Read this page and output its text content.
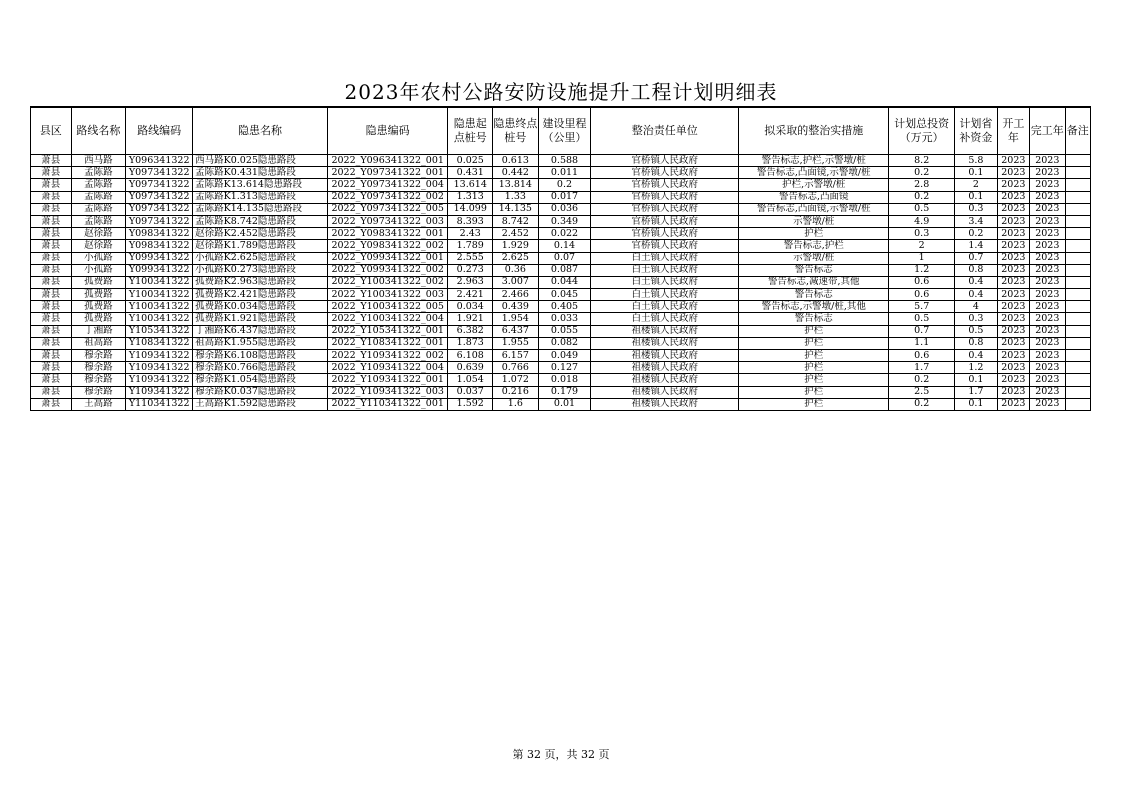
2023年农村公路安防设施提升工程计划明细表
县区	路线名称	路线编码	隐患名称	隐患编码	隐患起点桩号	隐患终点桩号	建设里程（公里）	整治责任单位	拟采取的整治实措施	计划总投资（万元）	计划省补资金	开工年	完工年	备注
萧县	西马路	Y096341322	西马路K0.025隐患路段	2022_Y096341322_001	0.025	0.613	0.588	官桥镇人民政府	警告标志,护栏,示警墩/桩	8.2	5.8	2023	2023	
萧县	孟陈路	Y097341322	孟陈路K0.431隐患路段	2022_Y097341322_001	0.431	0.442	0.011	官桥镇人民政府	警告标志,凸面镜,示警墩/桩	0.2	0.1	2023	2023	
萧县	孟陈路	Y097341322	孟陈路K13.614隐患路段	2022_Y097341322_004	13.614	13.814	0.2	官桥镇人民政府	护栏,示警墩/桩	2.8	2	2023	2023	
萧县	孟陈路	Y097341322	孟陈路K1.313隐患路段	2022_Y097341322_002	1.313	1.33	0.017	官桥镇人民政府	警告标志,凸面镜	0.2	0.1	2023	2023	
萧县	孟陈路	Y097341322	孟陈路K14.135隐患路段	2022_Y097341322_005	14.099	14.135	0.036	官桥镇人民政府	警告标志,凸面镜,示警墩/桩	0.5	0.3	2023	2023	
萧县	孟陈路	Y097341322	孟陈路K8.742隐患路段	2022_Y097341322_003	8.393	8.742	0.349	官桥镇人民政府	示警墩/桩	4.9	3.4	2023	2023	
萧县	赵徐路	Y098341322	赵徐路K2.452隐患路段	2022_Y098341322_001	2.43	2.452	0.022	官桥镇人民政府	护栏	0.3	0.2	2023	2023	
萧县	赵徐路	Y098341322	赵徐路K1.789隐患路段	2022_Y098341322_002	1.789	1.929	0.14	官桥镇人民政府	警告标志,护栏	2	1.4	2023	2023	
萧县	小孤路	Y099341322	小孤路K2.625隐患路段	2022_Y099341322_001	2.555	2.625	0.07	白土镇人民政府	示警墩/桩	1	0.7	2023	2023	
萧县	小孤路	Y099341322	小孤路K0.273隐患路段	2022_Y099341322_002	0.273	0.36	0.087	白土镇人民政府	警告标志	1.2	0.8	2023	2023	
萧县	孤费路	Y100341322	孤费路K2.963隐患路段	2022_Y100341322_002	2.963	3.007	0.044	白土镇人民政府	警告标志,减速带,其他	0.6	0.4	2023	2023	
萧县	孤费路	Y100341322	孤费路K2.421隐患路段	2022_Y100341322_003	2.421	2.466	0.045	白土镇人民政府	警告标志	0.6	0.4	2023	2023	
萧县	孤费路	Y100341322	孤费路K0.034隐患路段	2022_Y100341322_005	0.034	0.439	0.405	白土镇人民政府	警告标志,示警墩/桩,其他	5.7	4	2023	2023	
萧县	孤费路	Y100341322	孤费路K1.921隐患路段	2022_Y100341322_004	1.921	1.954	0.033	白土镇人民政府	警告标志	0.5	0.3	2023	2023	
萧县	丁湘路	Y105341322	丁湘路K6.437隐患路段	2022_Y105341322_001	6.382	6.437	0.055	祖楼镇人民政府	护栏	0.7	0.5	2023	2023	
萧县	祖高路	Y108341322	祖高路K1.955隐患路段	2022_Y108341322_001	1.873	1.955	0.082	祖楼镇人民政府	护栏	1.1	0.8	2023	2023	
萧县	穆余路	Y109341322	穆余路K6.108隐患路段	2022_Y109341322_002	6.108	6.157	0.049	祖楼镇人民政府	护栏	0.6	0.4	2023	2023	
萧县	穆余路	Y109341322	穆余路K0.766隐患路段	2022_Y109341322_004	0.639	0.766	0.127	祖楼镇人民政府	护栏	1.7	1.2	2023	2023	
萧县	穆余路	Y109341322	穆余路K1.054隐患路段	2022_Y109341322_001	1.054	1.072	0.018	祖楼镇人民政府	护栏	0.2	0.1	2023	2023	
萧县	穆余路	Y109341322	穆余路K0.037隐患路段	2022_Y109341322_003	0.037	0.216	0.179	祖楼镇人民政府	护栏	2.5	1.7	2023	2023	
萧县	王高路	Y110341322	王高路K1.592隐患路段	2022_Y110341322_001	1.592	1.6	0.01	祖楼镇人民政府	护栏	0.2	0.1	2023	2023	
第 32 页，共 32 页
